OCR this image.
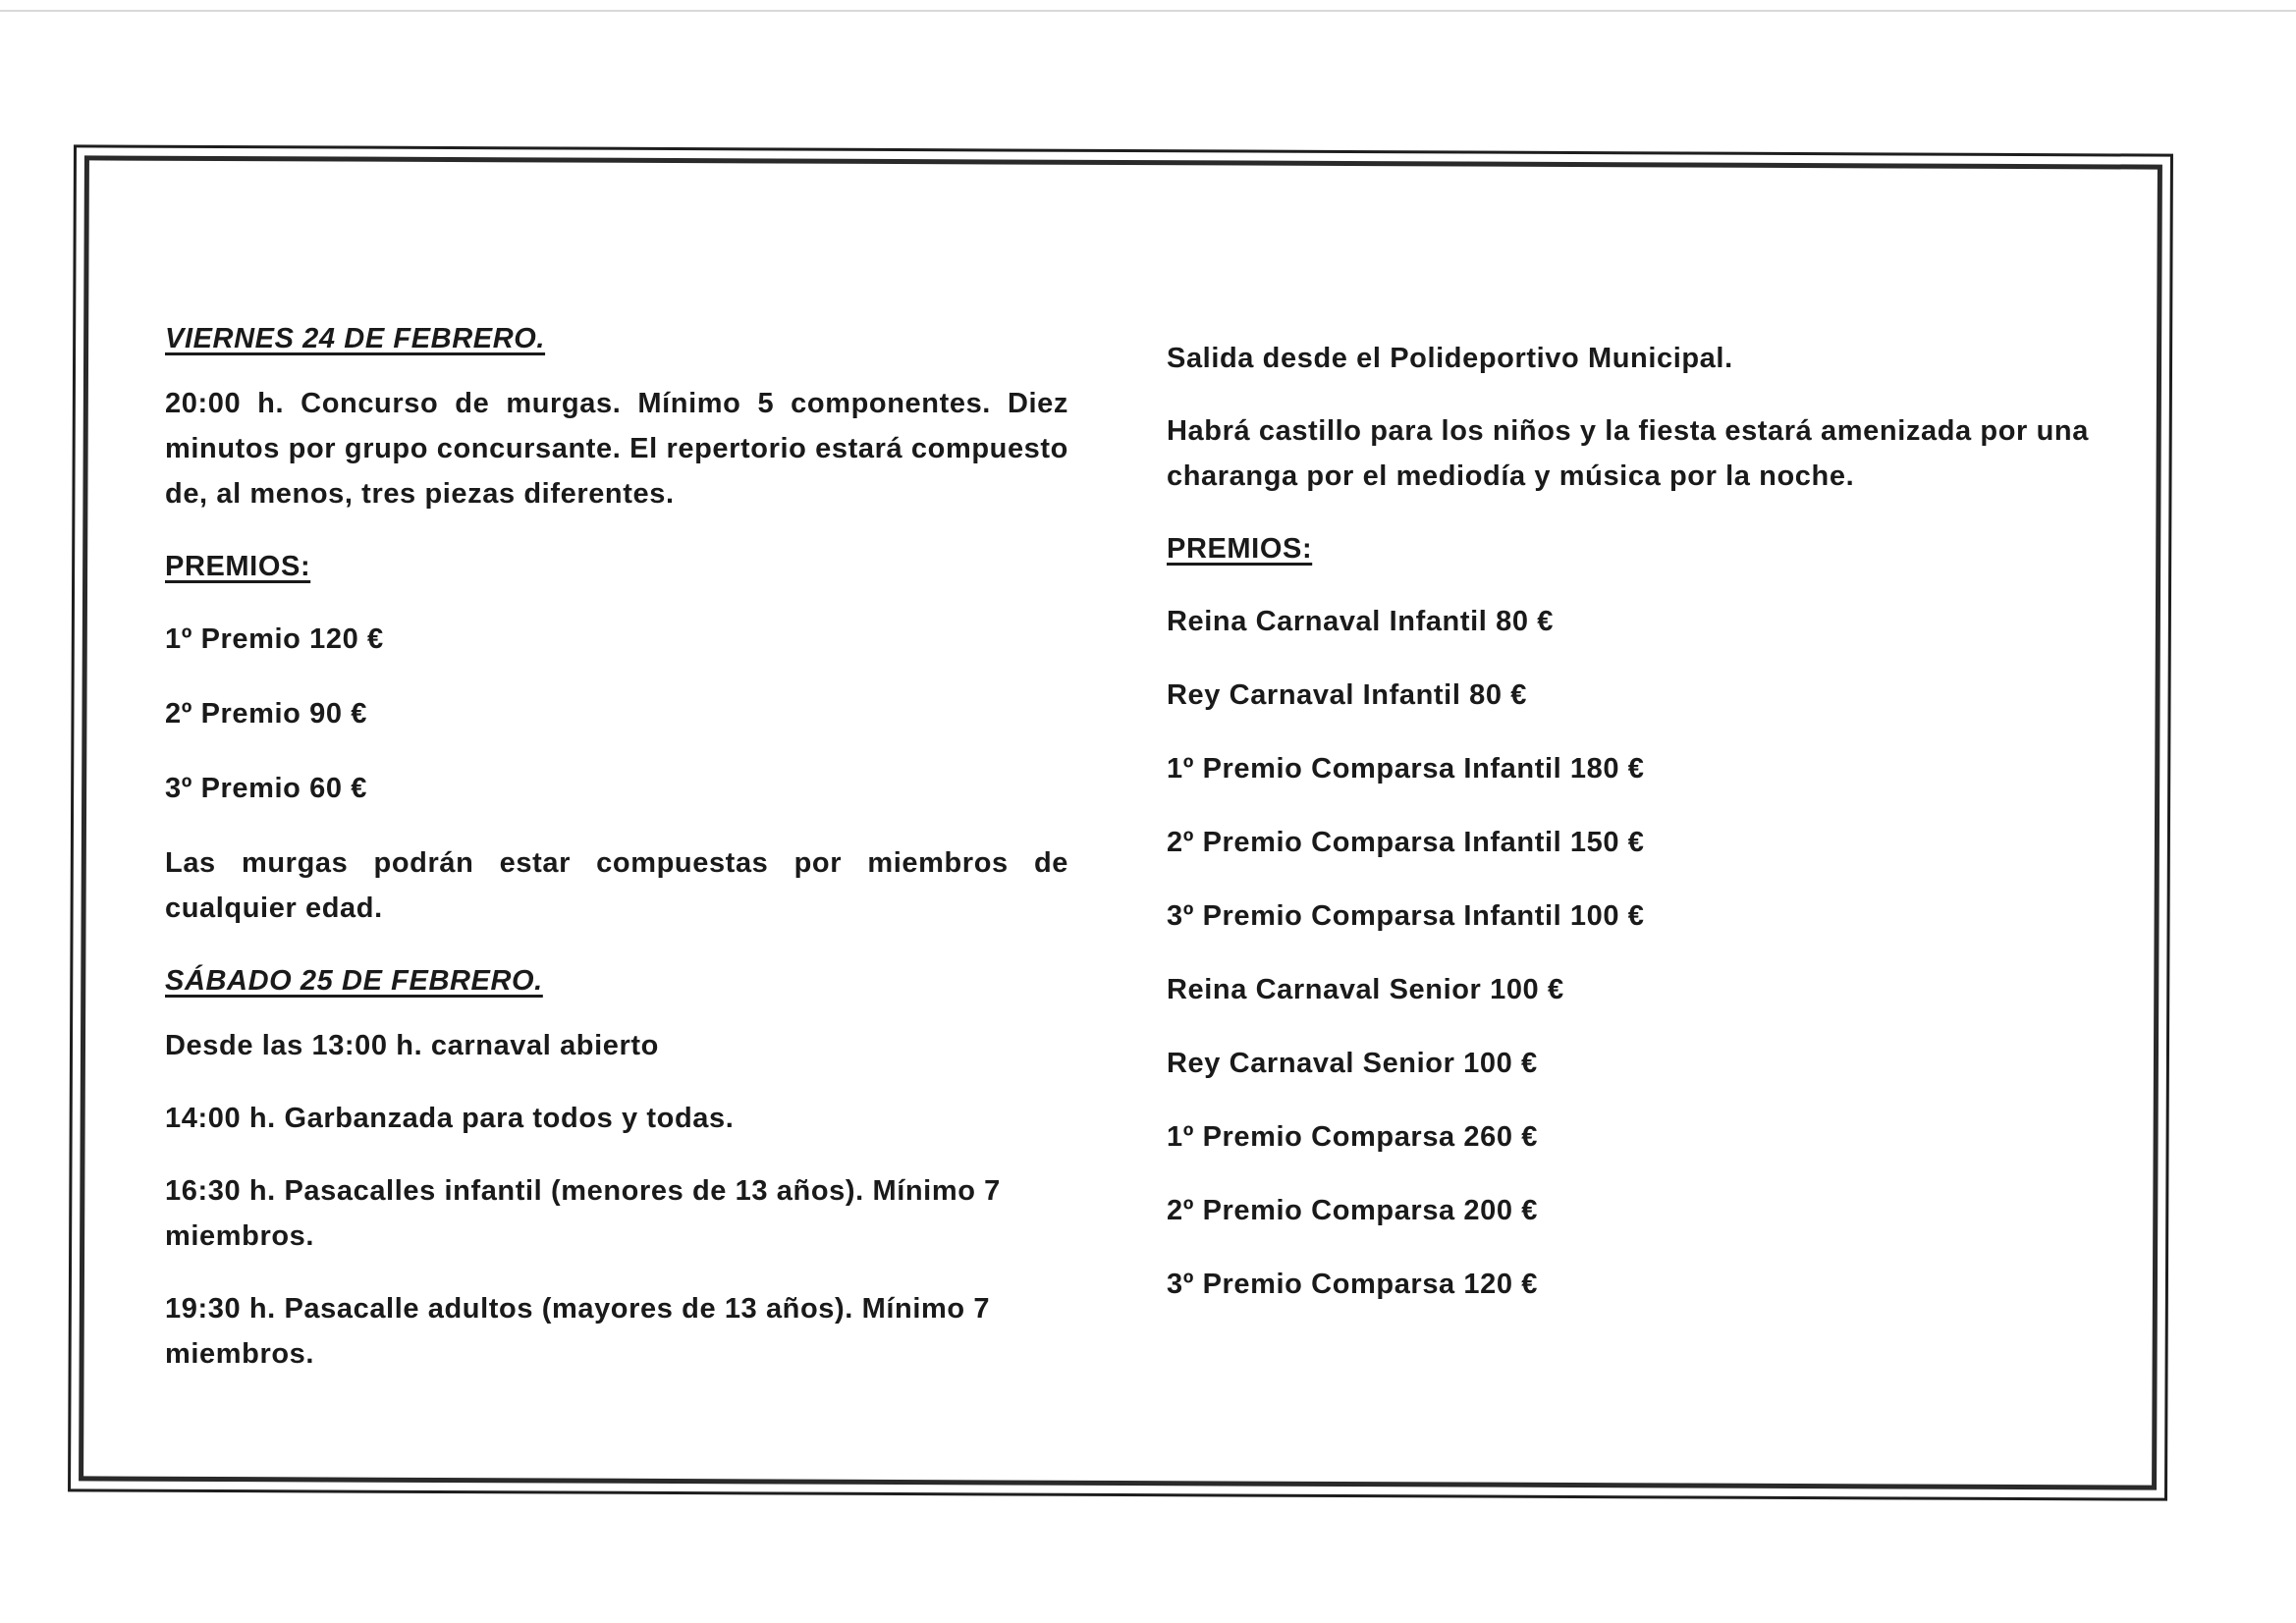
VIERNES 24 DE FEBRERO.
20:00 h. Concurso de murgas. Mínimo 5 componentes. Diez minutos por grupo concursante. El repertorio estará compuesto de, al menos, tres piezas diferentes.
PREMIOS:
1º Premio 120 €
2º Premio 90 €
3º Premio 60 €
Las murgas podrán estar compuestas por miembros de cualquier edad.
SÁBADO 25 DE FEBRERO.
Desde las 13:00 h. carnaval abierto
14:00 h. Garbanzada para todos y todas.
16:30 h. Pasacalles infantil (menores de 13 años). Mínimo 7 miembros.
19:30 h. Pasacalle adultos (mayores de 13 años). Mínimo 7 miembros.
Salida desde el Polideportivo Municipal.
Habrá castillo para los niños y la fiesta estará amenizada por una charanga por el mediodía y música por la noche.
PREMIOS:
Reina Carnaval Infantil 80 €
Rey Carnaval Infantil 80 €
1º Premio Comparsa Infantil 180 €
2º Premio Comparsa Infantil 150 €
3º Premio Comparsa Infantil 100 €
Reina Carnaval Senior 100 €
Rey Carnaval Senior 100 €
1º Premio Comparsa 260 €
2º Premio Comparsa 200 €
3º Premio Comparsa 120 €
